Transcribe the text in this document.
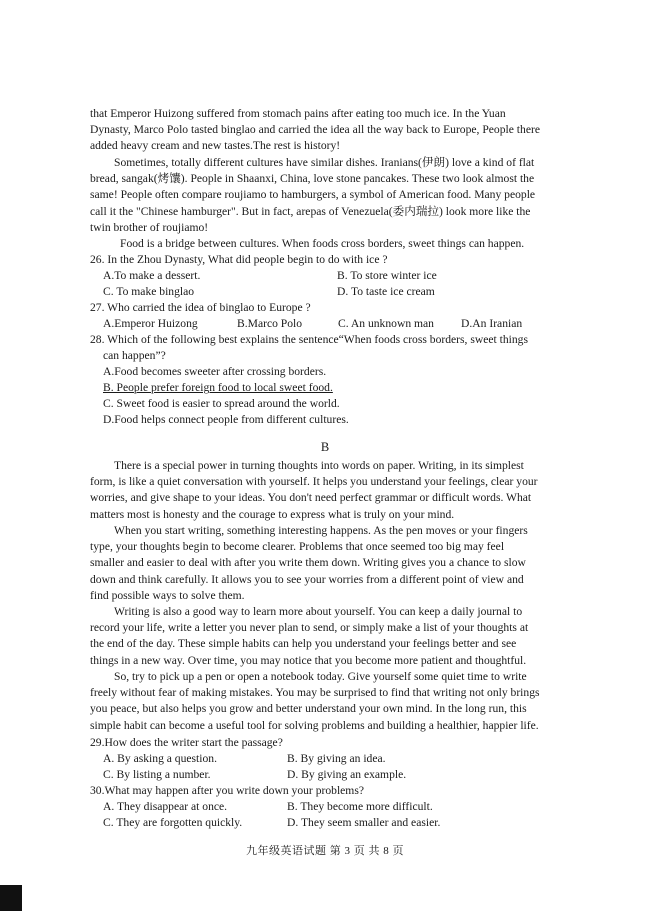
that Emperor Huizong suffered from stomach pains after eating too much ice. In the Yuan
Dynasty, Marco Polo tasted binglao and carried the idea all the way back to Europe, People there
added heavy cream and new tastes.The rest is history!
Sometimes, totally different cultures have similar dishes. Iranians(伊朗) love a kind of flat
bread, sangak(烤馕). People in Shaanxi, China, love stone pancakes. These two look almost the
same! People often compare roujiamo to hamburgers, a symbol of American food. Many people
call it the "Chinese hamburger". But in fact, arepas of Venezuela(委内瑞拉) look more like the
twin brother of roujiamo!
Food is a bridge between cultures. When foods cross borders, sweet things can happen.
26. In the Zhou Dynasty, What did people begin to do with ice ?
A.To make a dessert.	B. To store winter ice
C. To make binglao	D. To taste ice cream
27. Who carried the idea of binglao to Europe ?
A.Emperor Huizong	B.Marco Polo	C. An unknown man D.An Iranian
28. Which of the following best explains the sentence“When foods cross borders, sweet things
can happen”?
A.Food becomes sweeter after crossing borders.
B. People prefer foreign food to local sweet food.
C. Sweet food is easier to spread around the world.
D.Food helps connect people from different cultures.
B
There is a special power in turning thoughts into words on paper. Writing, in its simplest
form, is like a quiet conversation with yourself. It helps you understand your feelings, clear your
worries, and give shape to your ideas. You don't need perfect grammar or difficult words. What
matters most is honesty and the courage to express what is truly on your mind.
When you start writing, something interesting happens. As the pen moves or your fingers
type, your thoughts begin to become clearer. Problems that once seemed too big may feel
smaller and easier to deal with after you write them down. Writing gives you a chance to slow
down and think carefully. It allows you to see your worries from a different point of view and
find possible ways to solve them.
Writing is also a good way to learn more about yourself. You can keep a daily journal to
record your life, write a letter you never plan to send, or simply make a list of your thoughts at
the end of the day. These simple habits can help you understand your feelings better and see
things in a new way. Over time, you may notice that you become more patient and thoughtful.
So, try to pick up a pen or open a notebook today. Give yourself some quiet time to write
freely without fear of making mistakes. You may be surprised to find that writing not only brings
you peace, but also helps you grow and better understand your own mind. In the long run, this
simple habit can become a useful tool for solving problems and building a healthier, happier life.
29.How does the writer start the passage?
A. By asking a question.	B. By giving an idea.
C. By listing a number.	D. By giving an example.
30.What may happen after you write down your problems?
A. They disappear at once.	B. They become more difficult.
C. They are forgotten quickly.	D. They seem smaller and easier.
九年级英语试题 第 3 页 共 8 页
